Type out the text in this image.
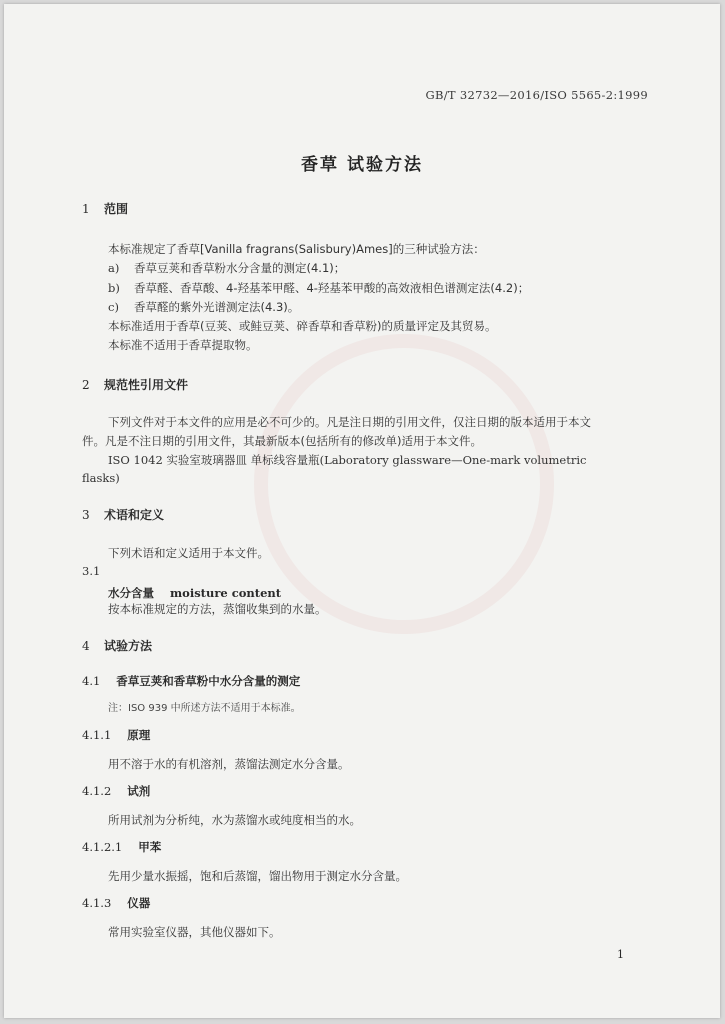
GB/T 32732—2016/ISO 5565-2:1999
香草 试验方法
1 范围
本标准规定了香草[Vanilla fragrans(Salisbury)Ames]的三种试验方法：
a) 香草豆荚和香草粉水分含量的测定(4.1)；
b) 香草醛、香草酸、4-羟基苯甲醛、4-羟基苯甲酸的高效液相色谱测定法(4.2)；
c) 香草醛的紫外光谱测定法(4.3)。
本标准适用于香草(豆荚、或鲑豆荚、碎香草和香草粉)的质量评定及其贸易。
本标准不适用于香草提取物。
2 规范性引用文件
下列文件对于本文件的应用是必不可少的。凡是注日期的引用文件，仅注日期的版本适用于本文
件。凡是不注日期的引用文件，其最新版本(包括所有的修改单)适用于本文件。
ISO 1042 实验室玻璃器皿 单标线容量瓶(Laboratory glassware—One-mark volumetric
flasks)
3 术语和定义
下列术语和定义适用于本文件。
3.1
水分含量 moisture content
按本标准规定的方法，蒸馏收集到的水量。
4 试验方法
4.1 香草豆荚和香草粉中水分含量的测定
注：ISO 939 中所述方法不适用于本标准。
4.1.1 原理
用不溶于水的有机溶剂，蒸馏法测定水分含量。
4.1.2 试剂
所用试剂为分析纯，水为蒸馏水或纯度相当的水。
4.1.2.1 甲苯
先用少量水振摇，饱和后蒸馏，馏出物用于测定水分含量。
4.1.3 仪器
常用实验室仪器，其他仪器如下。
1
